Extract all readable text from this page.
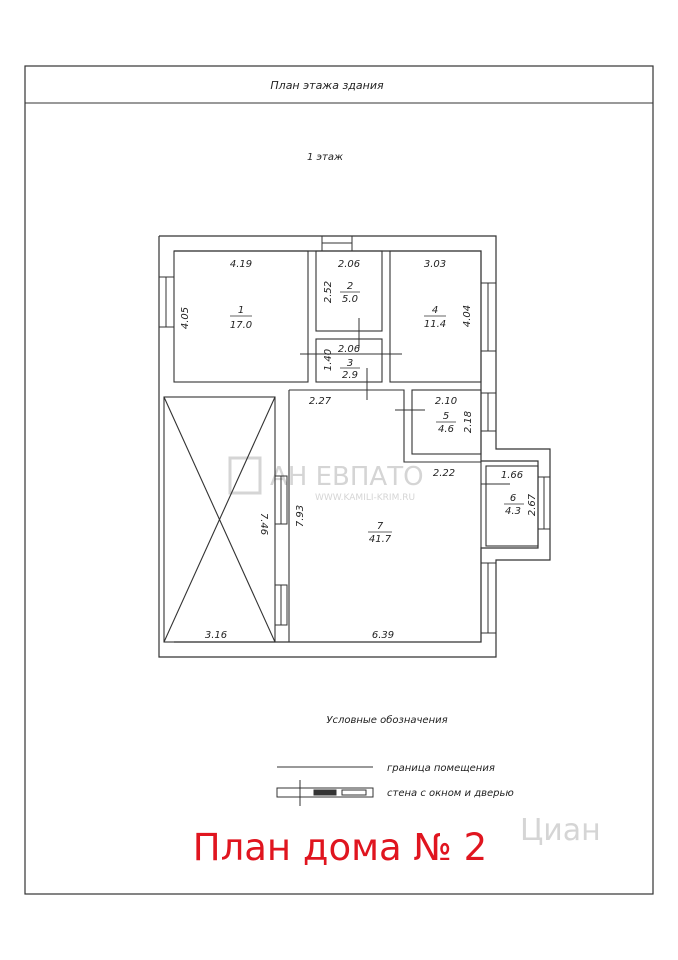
План этажа здания
1 этаж
АН ЕВПАТО
WWW.KAMILI-KRIM.RU
Циан
4.19
4.05	1
17.0
2.06
2.52 2
5.0
2.06
1.40 3
2.9
3.03
4.04
4
11.4
2.10
2.18
5
4.6
1.66
2.67
6
4.3
2.27
2.22
7.93	7
41.7
6.39
3.16
7.46
Условные обозначения
граница помещения
стена с окном и дверью
План дома № 2
